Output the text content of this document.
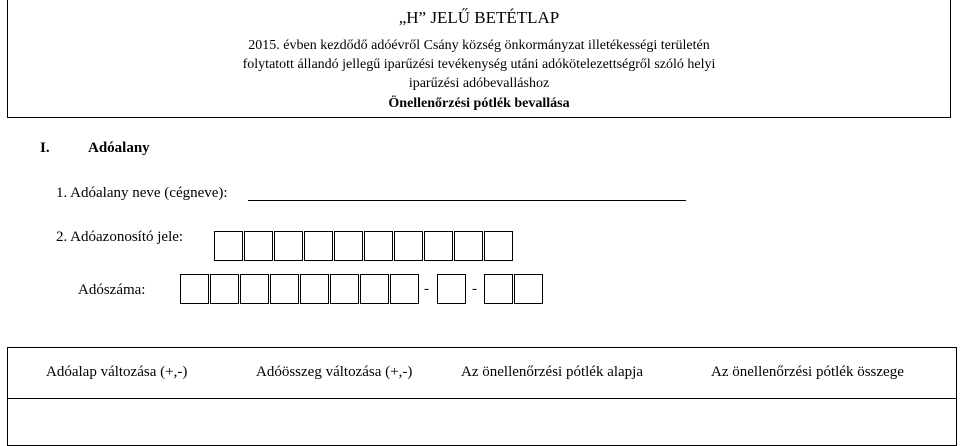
„H” JELŰ BETÉTLAP
2015. évben kezdődő adóévről Csány község önkormányzat illetékességi területén
folytatott állandó jellegű iparűzési tevékenység utáni adókötelezettségről szóló helyi
iparűzési adóbevalláshoz
Önellenőrzési pótlék bevallása
I.	Adóalany
1. Adóalany neve (cégneve):
2. Adóazonosító jele:
Adószáma:	-	-
Adóalap változása (+,-)	Adóösszeg változása (+,-)	Az önellenőrzési pótlék alapja	Az önellenőrzési pótlék összege
